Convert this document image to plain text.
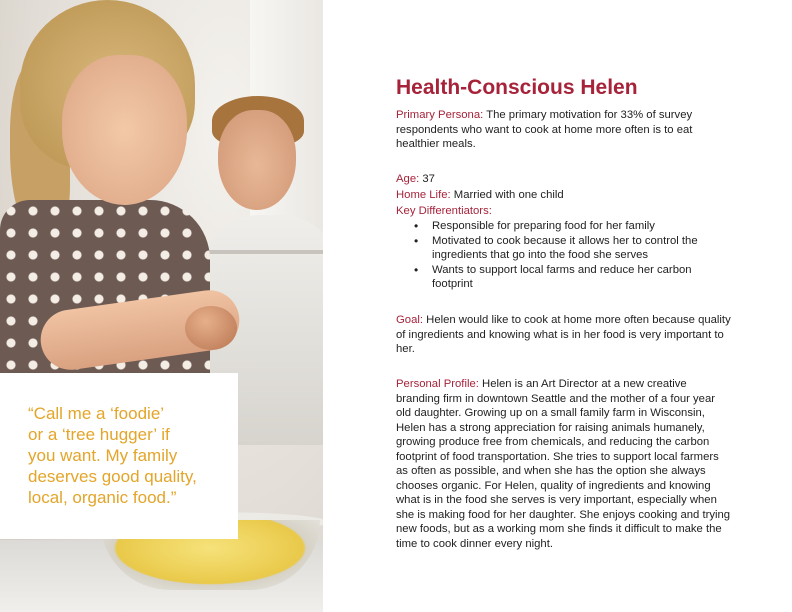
“Call me a ‘foodie’
or a ‘tree hugger’ if
you want. My family
deserves good quality,
local, organic food.”

Health-Conscious Helen

Primary Persona: The primary motivation for 33% of survey respondents who want to cook at home more often is to eat healthier meals.

Age: 37

Home Life: Married with one child

Key Differentiators:

• Responsible for preparing food for her family
• Motivated to cook because it allows her to control the ingredients that go into the food she serves
• Wants to support local farms and reduce her carbon footprint

Goal: Helen would like to cook at home more often because quality of ingredients and knowing what is in her food is very important to her.

Personal Profile: Helen is an Art Director at a new creative branding firm in downtown Seattle and the mother of a four year old daughter. Growing up on a small family farm in Wisconsin, Helen has a strong appreciation for raising animals humanely, growing produce free from chemicals, and reducing the carbon footprint of food transportation. She tries to support local farmers as often as possible, and when she has the option she always chooses organic. For Helen, quality of ingredients and knowing what is in the food she serves is very important, especially when she is making food for her daughter. She enjoys cooking and trying new foods, but as a working mom she finds it difficult to make the time to cook dinner every night.
